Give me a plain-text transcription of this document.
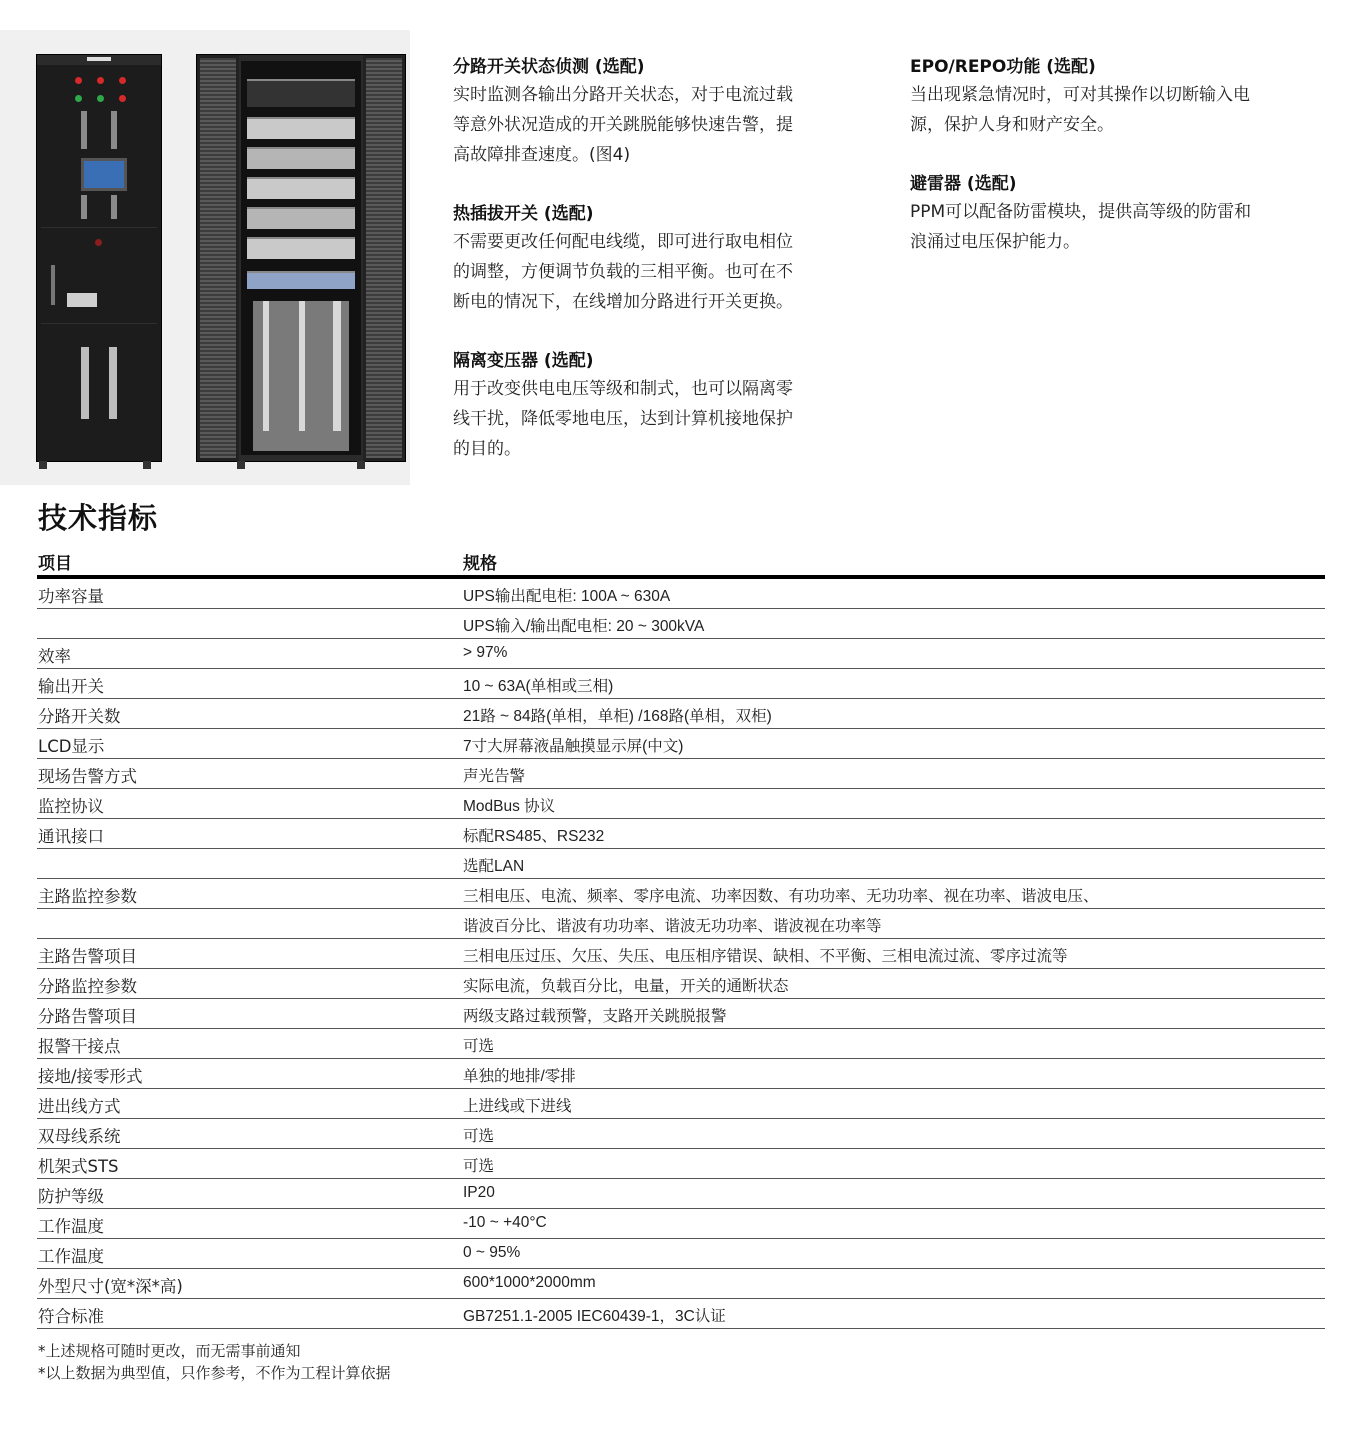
分路开关状态侦测 (选配)

实时监测各输出分路开关状态，对于电流过载

等意外状况造成的开关跳脱能够快速告警，提

高故障排查速度。(图4)

热插拔开关 (选配)

不需要更改任何配电线缆，即可进行取电相位

的调整，方便调节负载的三相平衡。也可在不

断电的情况下，在线增加分路进行开关更换。

隔离变压器 (选配)

用于改变供电电压等级和制式，也可以隔离零

线干扰，降低零地电压，达到计算机接地保护

的目的。

EPO/REPO功能 (选配)

当出现紧急情况时，可对其操作以切断输入电

源，保护人身和财产安全。

避雷器 (选配)

PPM可以配备防雷模块，提供高等级的防雷和

浪涌过电压保护能力。

技术指标
项目	规格
功率容量	UPS输出配电柜: 100A ~ 630A
UPS输入/输出配电柜: 20 ~ 300kVA
效率	> 97%
输出开关	10 ~ 63A(单相或三相)
分路开关数	21路 ~ 84路(单相，单柜) /168路(单相，双柜)
LCD显示	7寸大屏幕液晶触摸显示屏(中文)
现场告警方式	声光告警
监控协议	ModBus 协议
通讯接口	标配RS485、RS232
选配LAN
主路监控参数	三相电压、电流、频率、零序电流、功率因数、有功功率、无功功率、视在功率、谐波电压、
谐波百分比、谐波有功功率、谐波无功功率、谐波视在功率等
主路告警项目	三相电压过压、欠压、失压、电压相序错误、缺相、不平衡、三相电流过流、零序过流等
分路监控参数	实际电流，负载百分比，电量，开关的通断状态
分路告警项目	两级支路过载预警，支路开关跳脱报警
报警干接点	可选
接地/接零形式	单独的地排/零排
进出线方式	上进线或下进线
双母线系统	可选
机架式STS	可选
防护等级	IP20
工作温度	-10 ~ +40°C
工作温度	0 ~ 95%
外型尺寸(宽*深*高)	600*1000*2000mm
符合标准	GB7251.1-2005 IEC60439-1，3C认证
*上述规格可随时更改，而无需事前通知
*以上数据为典型值，只作参考，不作为工程计算依据
